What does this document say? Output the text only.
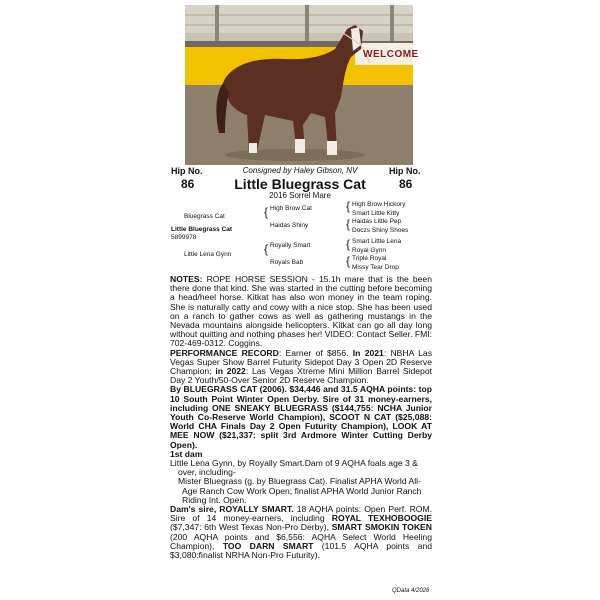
WELCOME
Consigned by Haley Gibson, NV
Hip No.	Hip No.
86	86
Little Bluegrass Cat
2016 Sorrel Mare
Bluegrass Cat
Little Bluegrass Cat
5899978
Little Lena Gynn
{ High Brow Cat
Haidas Shiny
{ Royally Smart
Royals Bab
{ High Brow Hickory
Smart Little Kitty
{ Haidas Little Pep
Doczs Shiny Shoes
{ Smart Little Lena
Royal Gynn
{ Triple Royal
Missy Tear Drop

NOTES: ROPE HORSE SESSION - 15.1h mare that is the been there done that kind. She was started in the cutting before becoming a head/heel horse. Kitkat has also won money in the team roping. She is naturally catty and cowy with a nice stop. She has been used on a ranch to gather cows as well as gathering mustangs in the Nevada mountains alongside helicopters. Kitkat can go all day long without quitting and nothing phases her! VIDEO: Contact Seller. FMI: 702-469-0312. Coggins.

PERFORMANCE RECORD: Earner of $856. In 2021: NBHA Las Vegas Super Show Barrel Futurity Sidepot Day 3 Open 2D Reserve Champion; in 2022: Las Vegas Xtreme Mini Million Barrel Sidepot Day 2 Youth/50-Over Senior 2D Reserve Champion.

By BLUEGRASS CAT (2006). $34,446 and 31.5 AQHA points: top 10 South Point Winter Open Derby. Sire of 31 money-earners, including ONE SNEAKY BLUEGRASS ($144,755: NCHA Junior Youth Co-Reserve World Champion), SCOOT N CAT ($25,088: World CHA Finals Day 2 Open Futurity Champion), LOOK AT MEE NOW ($21,337: split 3rd Ardmore Winter Cutting Derby Open).

1st dam

Little Lena Gynn, by Royally Smart.Dam of 9 AQHA foals age 3 & over, including-

Mister Bluegrass (g. by Bluegrass Cat). Finalist APHA World All-Age Ranch Cow Work Open; finalist APHA World Junior Ranch Riding Int. Open.

Dam's sire, ROYALLY SMART. 18 AQHA points: Open Perf. ROM. Sire of 14 money-earners, including ROYAL TEXHOBOOGIE ($7,347: 6th West Texas Non-Pro Derby), SMART SMOKIN TOKEN (200 AQHA points and $6,556: AQHA Select World Heeling Champion), TOO DARN SMART (101.5 AQHA points and $3,080:finalist NRHA Non-Pro Futurity).

QData 4/2026
